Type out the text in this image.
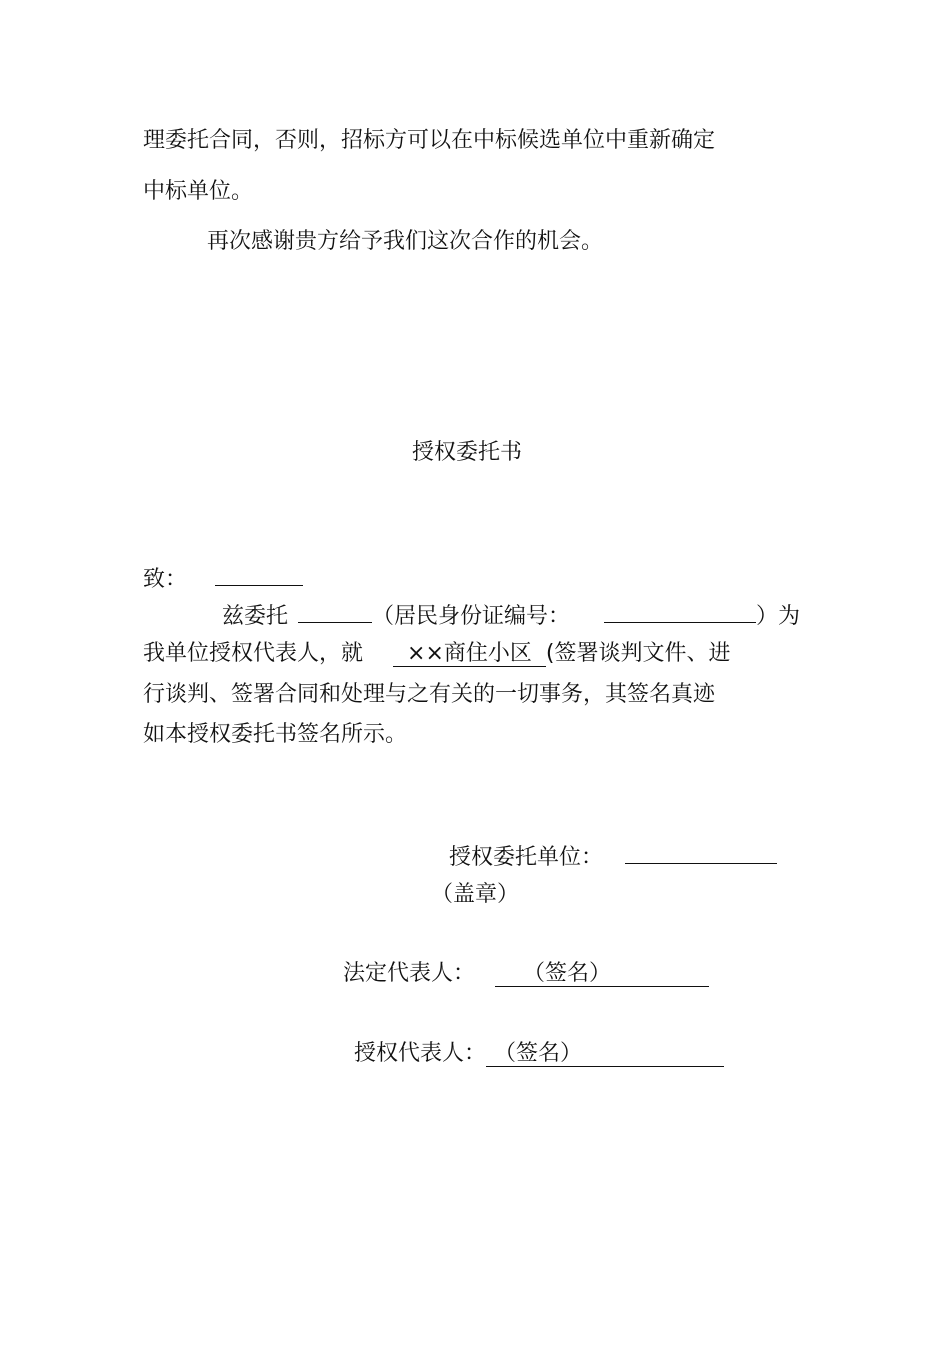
理委托合同，否则，招标方可以在中标候选单位中重新确定
中标单位。
再次感谢贵方给予我们这次合作的机会。
授权委托书
致：
兹委托	（居民身份证编号：	）为
我单位授权代表人，就 ××商住小区 (签署谈判文件、进
行谈判、签署合同和处理与之有关的一切事务，其签名真迹
如本授权委托书签名所示。
授权委托单位：
（盖章）
法定代表人： （签名）
授权代表人： （签名）
